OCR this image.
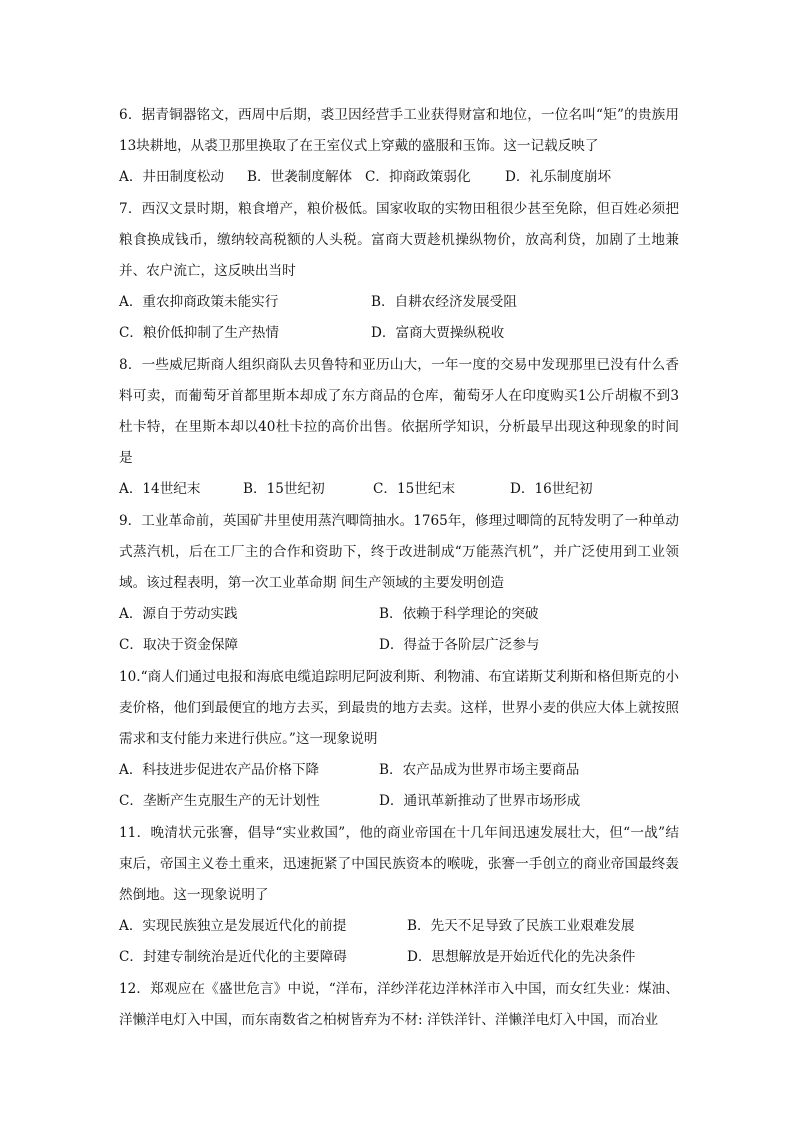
6．据青铜器铭文，西周中后期，裘卫因经营手工业获得财富和地位，一位名叫“矩”的贵族用13块耕地，从裘卫那里换取了在王室仪式上穿戴的盛服和玉饰。这一记载反映了

A．井田制度松动 B．世袭制度解体 C．抑商政策弱化	D．礼乐制度崩坏

7．西汉文景时期，粮食增产，粮价极低。国家收取的实物田租很少甚至免除，但百姓必须把粮食换成钱币，缴纳较高税额的人头税。富商大贾趁机操纵物价，放高利贷，加剧了土地兼并、农户流亡，这反映出当时

A．重农抑商政策未能实行	B．自耕农经济发展受阻
C．粮价低抑制了生产热情	D．富商大贾操纵税收

8．一些威尼斯商人组织商队去贝鲁特和亚历山大，一年一度的交易中发现那里已没有什么香料可卖，而葡萄牙首都里斯本却成了东方商品的仓库，葡萄牙人在印度购买1公斤胡椒不到3杜卡特，在里斯本却以40杜卡拉的高价出售。依据所学知识，分析最早出现这种现象的时间是

A．14世纪末	B．15世纪初	C．15世纪末	D．16世纪初

9．工业革命前，英国矿井里使用蒸汽唧筒抽水。1765年，修理过唧筒的瓦特发明了一种单动式蒸汽机，后在工厂主的合作和资助下，终于改进制成“万能蒸汽机”，并广泛使用到工业领域。该过程表明，第一次工业革命期 间生产领域的主要发明创造

A．源自于劳动实践	B．依赖于科学理论的突破
C．取决于资金保障	D．得益于各阶层广泛参与

10.“商人们通过电报和海底电缆追踪明尼阿波利斯、利物浦、布宜诺斯艾利斯和格但斯克的小麦价格，他们到最便宜的地方去买，到最贵的地方去卖。这样，世界小麦的供应大体上就按照需求和支付能力来进行供应。”这一现象说明

A．科技进步促进农产品价格下降	B．农产品成为世界市场主要商品
C．垄断产生克服生产的无计划性	D．通讯革新推动了世界市场形成

11．晚清状元张謇，倡导“实业救国”，他的商业帝国在十几年间迅速发展壮大，但“一战”结束后，帝国主义卷土重来，迅速扼紧了中国民族资本的喉咙，张謇一手创立的商业帝国最终轰然倒地。这一现象说明了

A．实现民族独立是发展近代化的前提	B．先天不足导致了民族工业艰难发展
C．封建专制统治是近代化的主要障碍	D．思想解放是开始近代化的先决条件

12．郑观应在《盛世危言》中说，“洋布，洋纱洋花边洋林洋市入中国，而女红失业：煤油、洋懒洋电灯入中国，而东南数省之柏树皆弃为不材: 洋铁洋针、洋懒洋电灯入中国，而冶业
